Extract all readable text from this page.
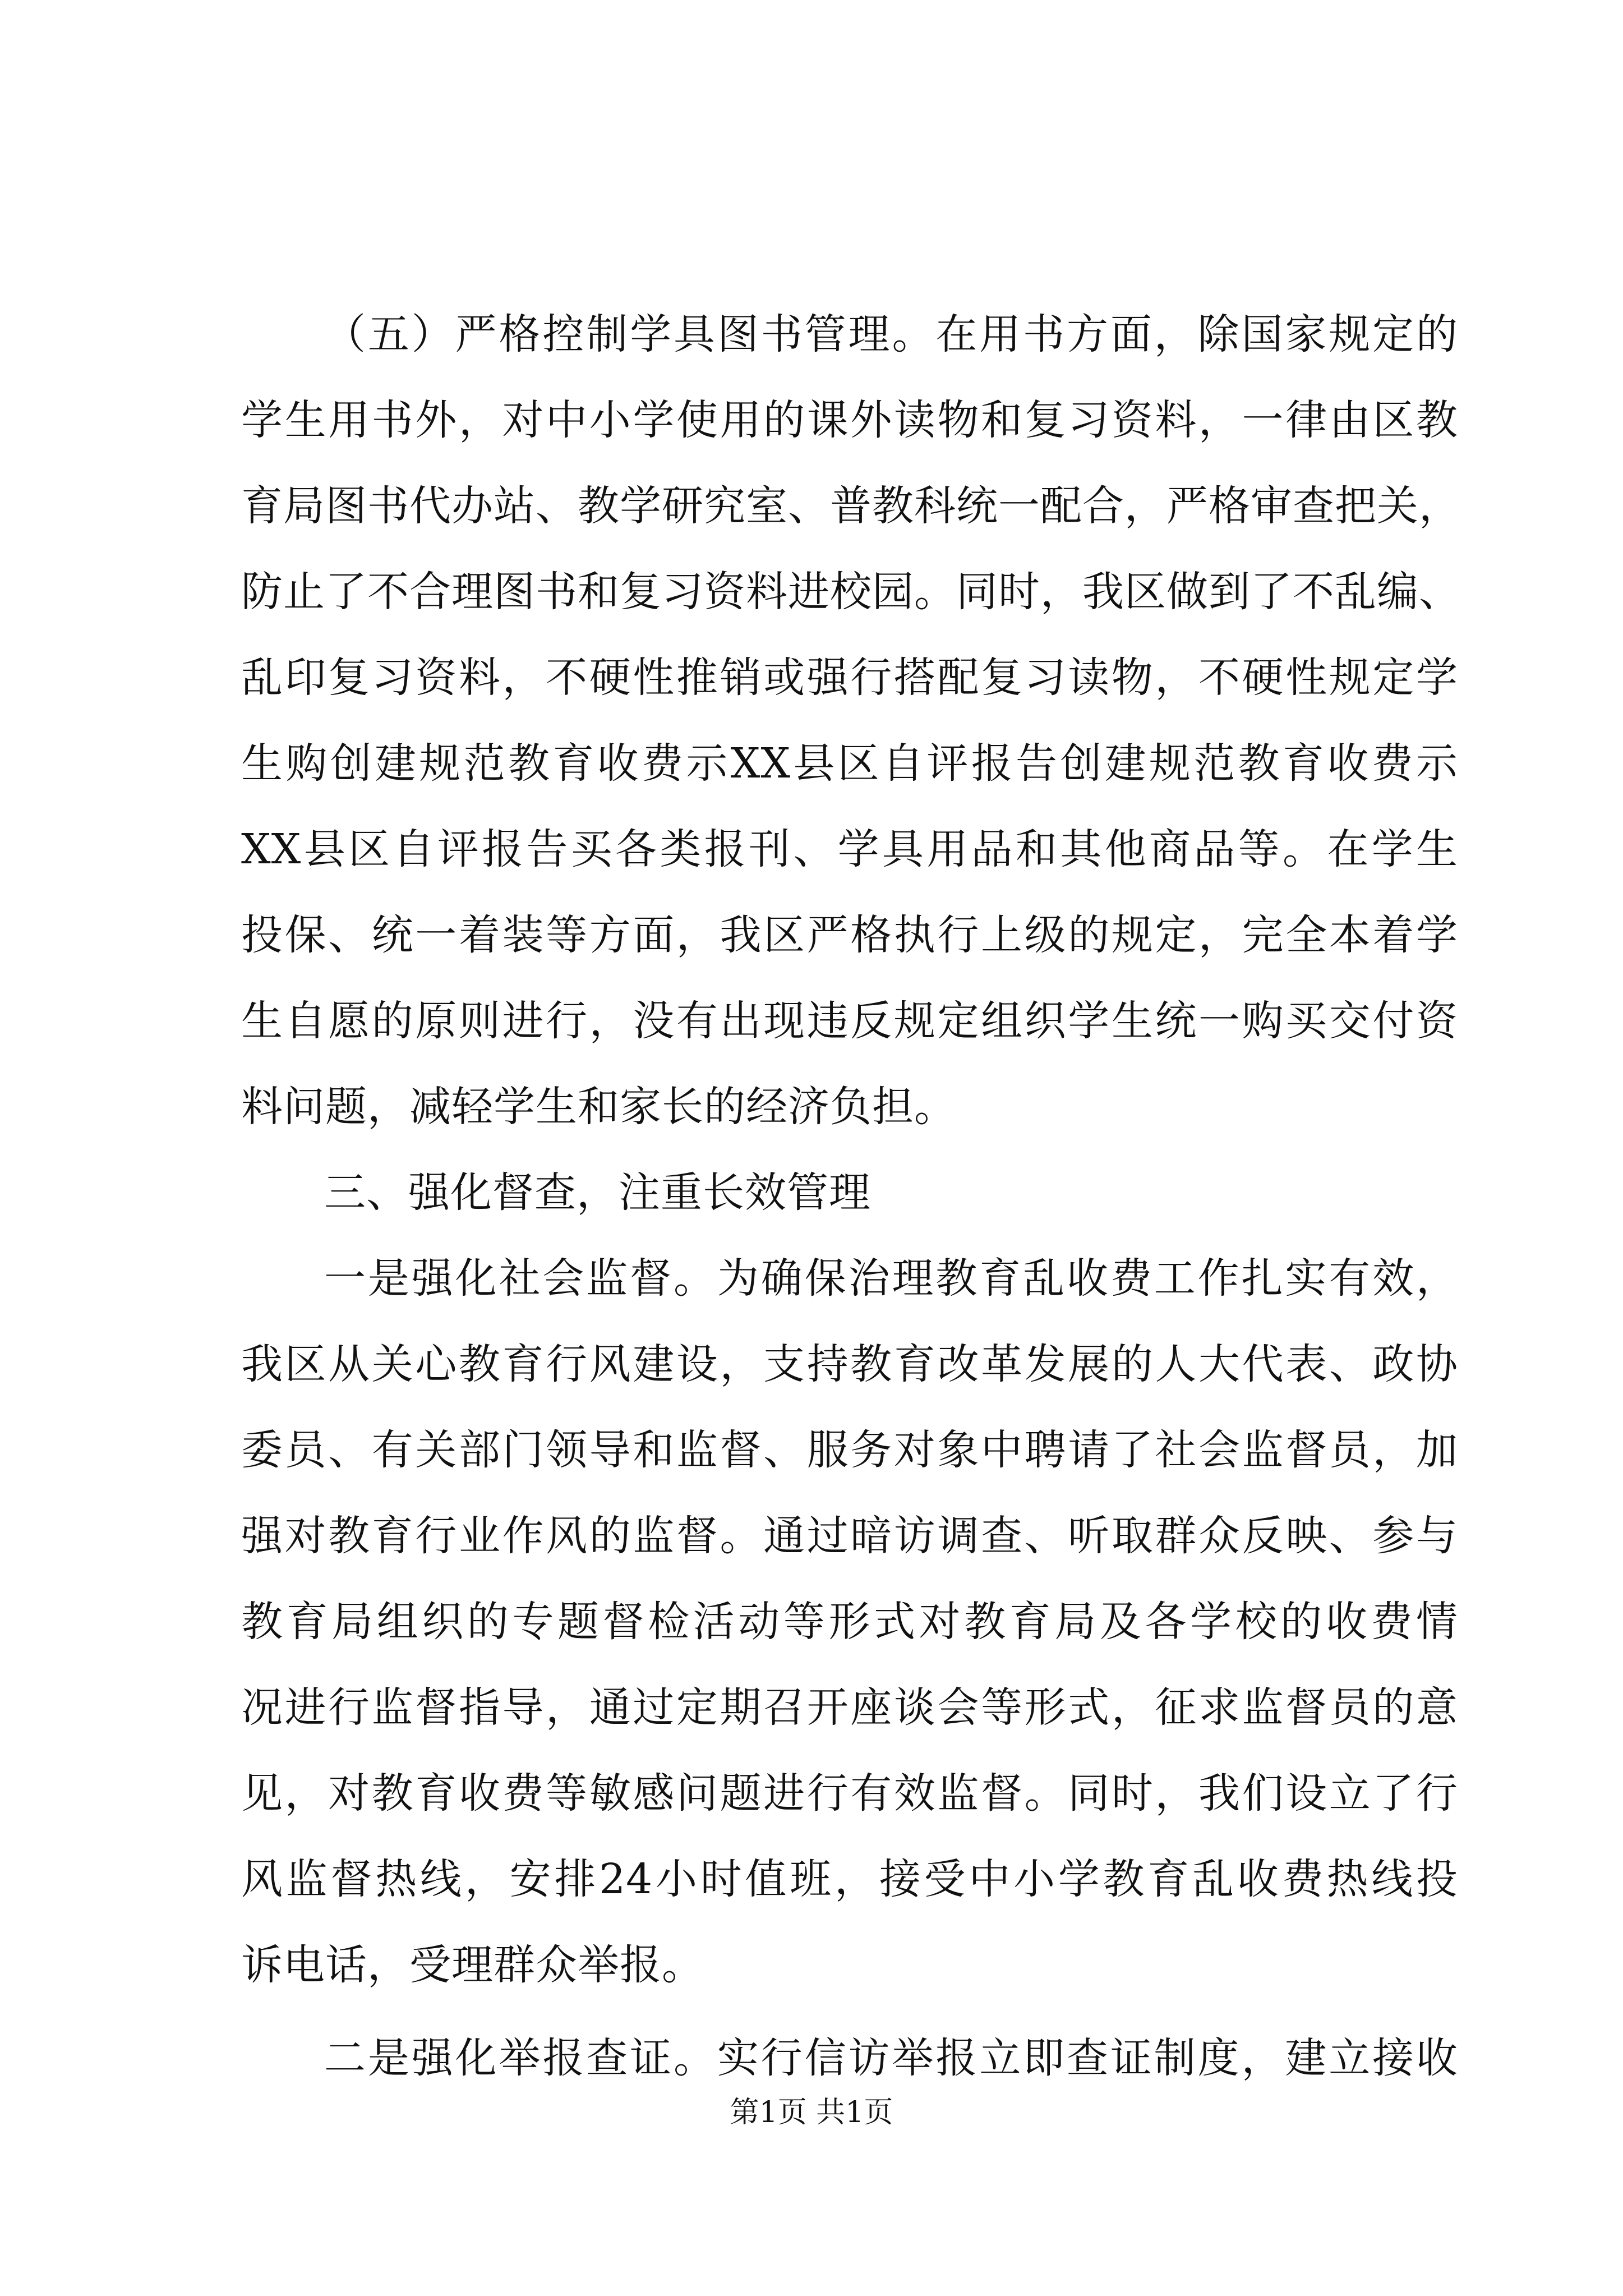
（五）严格控制学具图书管理。在用书方面，除国家规定的
学生用书外，对中小学使用的课外读物和复习资料，一律由区教
育局图书代办站、教学研究室、普教科统一配合，严格审查把关，
防止了不合理图书和复习资料进校园。同时，我区做到了不乱编、
乱印复习资料，不硬性推销或强行搭配复习读物，不硬性规定学
生购创建规范教育收费示XX县区自评报告创建规范教育收费示
XX县区自评报告买各类报刊、学具用品和其他商品等。在学生
投保、统一着装等方面，我区严格执行上级的规定，完全本着学
生自愿的原则进行，没有出现违反规定组织学生统一购买交付资
料问题，减轻学生和家长的经济负担。
三、强化督查，注重长效管理
一是强化社会监督。为确保治理教育乱收费工作扎实有效，
我区从关心教育行风建设，支持教育改革发展的人大代表、政协
委员、有关部门领导和监督、服务对象中聘请了社会监督员，加
强对教育行业作风的监督。通过暗访调查、听取群众反映、参与
教育局组织的专题督检活动等形式对教育局及各学校的收费情
况进行监督指导，通过定期召开座谈会等形式，征求监督员的意
见，对教育收费等敏感问题进行有效监督。同时，我们设立了行
风监督热线，安排24小时值班，接受中小学教育乱收费热线投
诉电话，受理群众举报。
二是强化举报查证。实行信访举报立即查证制度，建立接收
第1页 共1页
